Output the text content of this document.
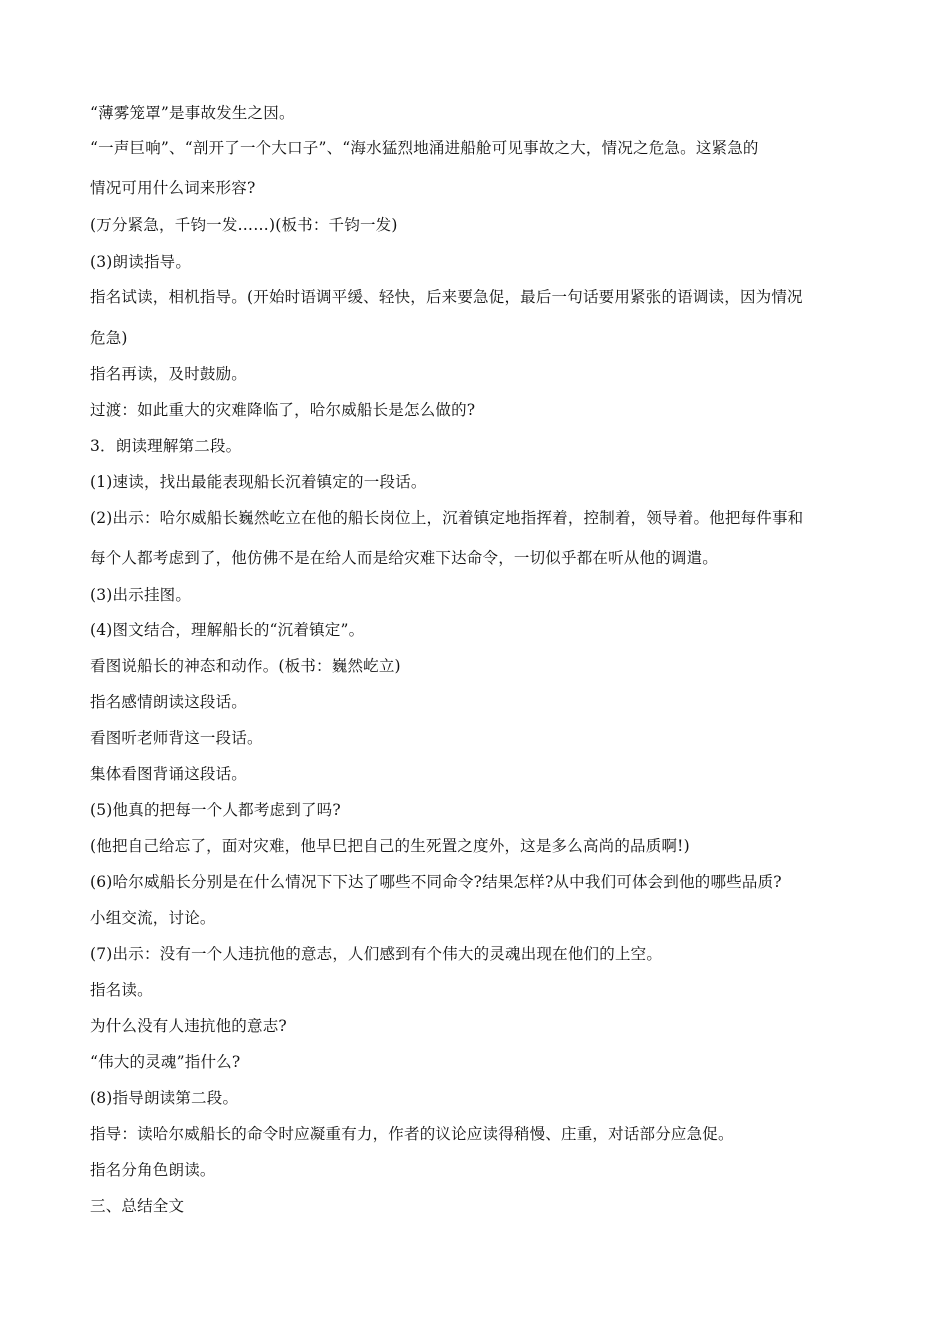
“薄雾笼罩”是事故发生之因。
“一声巨响”、“剖开了一个大口子”、“海水猛烈地涌进船舱可见事故之大，情况之危急。这紧急的
情况可用什么词来形容?
(万分紧急，千钧一发……)(板书：千钧一发)
(3)朗读指导。
指名试读，相机指导。(开始时语调平缓、轻快，后来要急促，最后一句话要用紧张的语调读，因为情况
危急)
指名再读，及时鼓励。
过渡：如此重大的灾难降临了，哈尔威船长是怎么做的?
3．朗读理解第二段。
(1)速读，找出最能表现船长沉着镇定的一段话。
(2)出示：哈尔威船长巍然屹立在他的船长岗位上，沉着镇定地指挥着，控制着，领导着。他把每件事和
每个人都考虑到了，他仿佛不是在给人而是给灾难下达命令，一切似乎都在听从他的调遣。
(3)出示挂图。
(4)图文结合，理解船长的“沉着镇定”。
看图说船长的神态和动作。(板书：巍然屹立)
指名感情朗读这段话。
看图听老师背这一段话。
集体看图背诵这段话。
(5)他真的把每一个人都考虑到了吗?
(他把自己给忘了，面对灾难，他早巳把自己的生死置之度外，这是多么高尚的品质啊!)
(6)哈尔威船长分别是在什么情况下下达了哪些不同命令?结果怎样?从中我们可体会到他的哪些品质?
小组交流，讨论。
(7)出示：没有一个人违抗他的意志，人们感到有个伟大的灵魂出现在他们的上空。
指名读。
为什么没有人违抗他的意志?
“伟大的灵魂”指什么?
(8)指导朗读第二段。
指导：读哈尔威船长的命令时应凝重有力，作者的议论应读得稍慢、庄重，对话部分应急促。
指名分角色朗读。
三、总结全文
